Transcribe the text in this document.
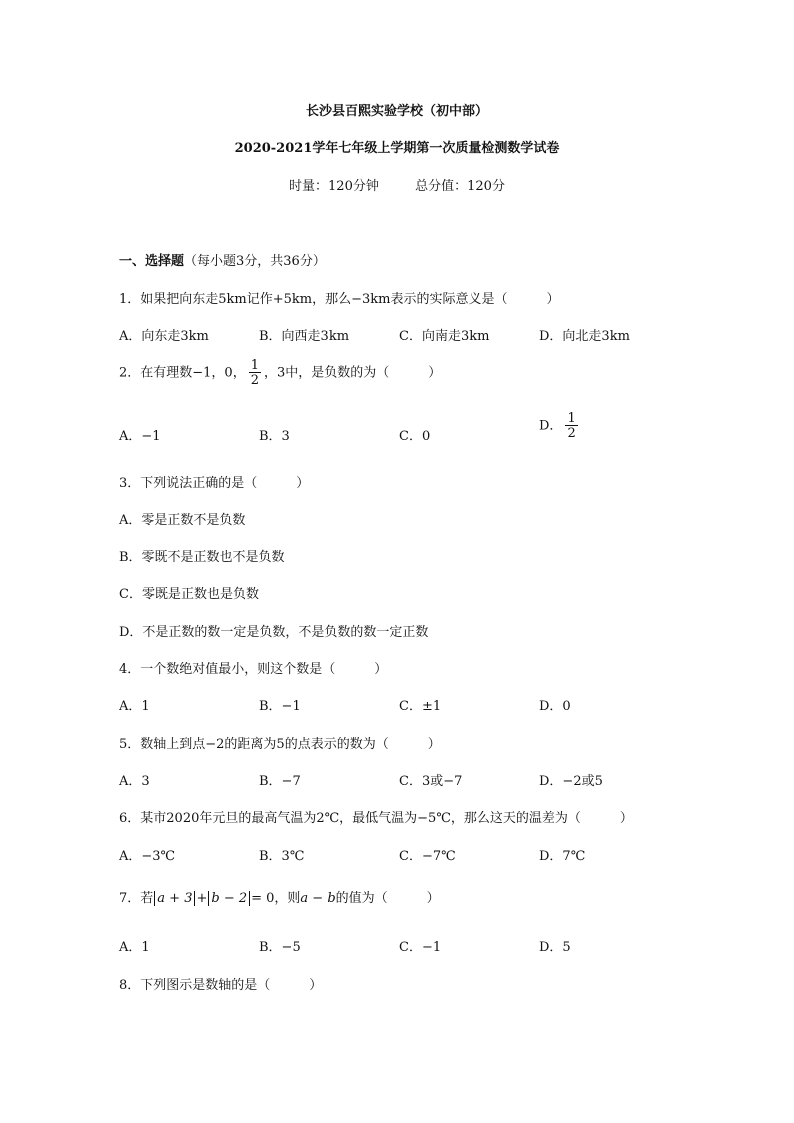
长沙县百熙实验学校（初中部）
2020-2021学年七年级上学期第一次质量检测数学试卷
时量：120分钟	总分值：120分
一、选择题（每小题3分，共36分）
1．如果把向东走5km记作+5km，那么−3km表示的实际意义是（　　　）
A．向东走3km	B．向西走3km	C．向南走3km	D．向北走3km
2．在有理数−1，0， $\frac{1}{2}$ ，3中，是负数的为（　　　）
A．−1	B．3	C．0
D． $\frac{1}{2}$
3．下列说法正确的是（　　　）
A．零是正数不是负数
B．零既不是正数也不是负数
C．零既是正数也是负数
D．不是正数的数一定是负数，不是负数的数一定正数
4．一个数绝对值最小，则这个数是（　　　）
A．1	B．−1	C．±1	D．0
5．数轴上到点−2的距离为5的点表示的数为（　　　）
A．3	B．−7	C．3或−7	D．−2或5
6．某市2020年元旦的最高气温为2℃，最低气温为−5℃，那么这天的温差为（　　　）
A．−3℃	B．3℃	C．−7℃	D．7℃
7．若 a + 3 + b − 2 = 0，则a − b的值为（　　　）
A．1	B．−5	C．−1	D．5
8．下列图示是数轴的是（　　　）
